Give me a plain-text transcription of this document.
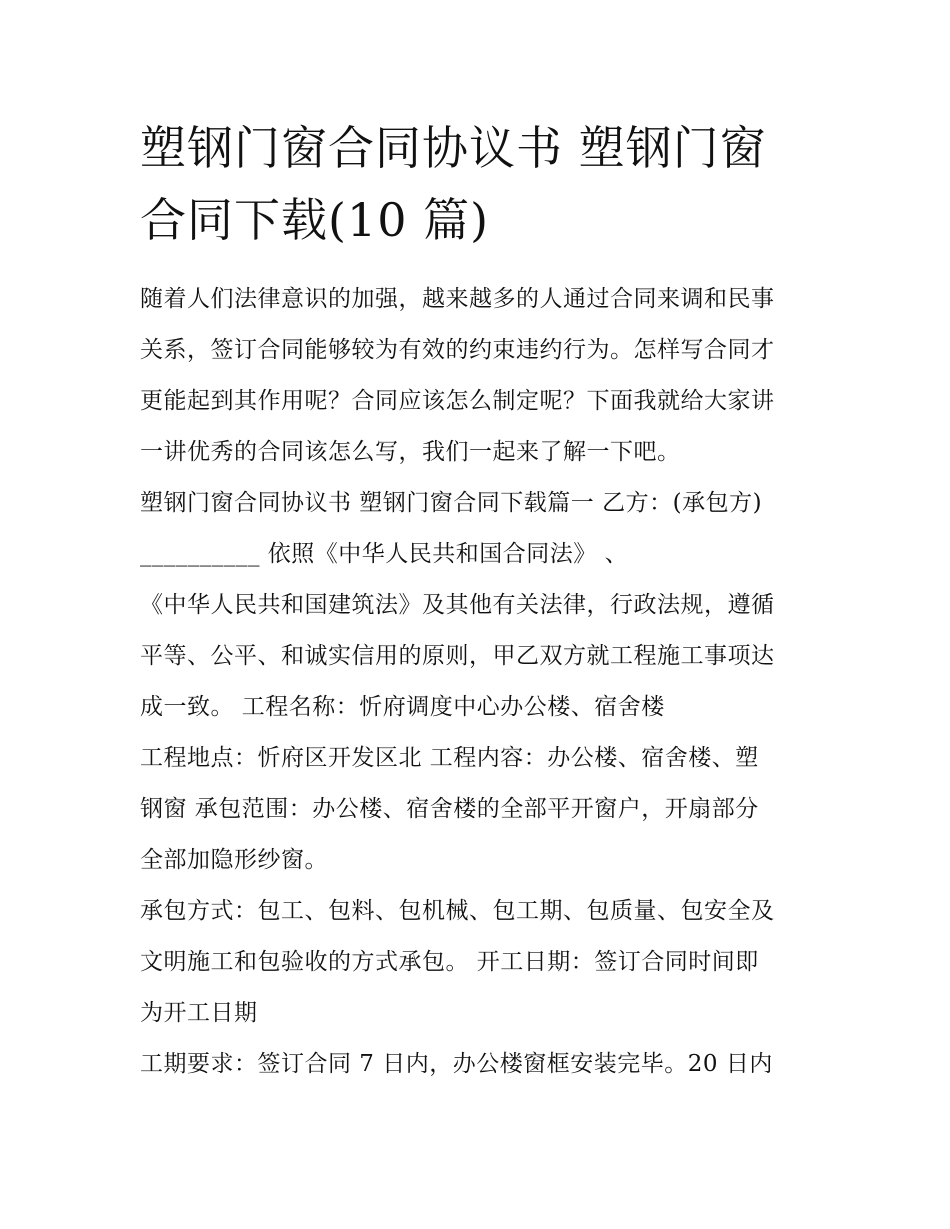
塑钢门窗合同协议书 塑钢门窗
合同下载(10 篇)

随着人们法律意识的加强，越来越多的人通过合同来调和民事
关系，签订合同能够较为有效的约束违约行为。怎样写合同才
更能起到其作用呢？合同应该怎么制定呢？下面我就给大家讲
一讲优秀的合同该怎么写，我们一起来了解一下吧。

塑钢门窗合同协议书 塑钢门窗合同下载篇一 乙方：(承包方)
__________ 依照《中华人民共和国合同法》 、

《中华人民共和国建筑法》及其他有关法律，行政法规，遵循
平等、公平、和诚实信用的原则，甲乙双方就工程施工事项达
成一致。 工程名称：忻府调度中心办公楼、宿舍楼

工程地点：忻府区开发区北 工程内容：办公楼、宿舍楼、塑
钢窗 承包范围：办公楼、宿舍楼的全部平开窗户，开扇部分
全部加隐形纱窗。

承包方式：包工、包料、包机械、包工期、包质量、包安全及
文明施工和包验收的方式承包。 开工日期：签订合同时间即
为开工日期

工期要求：签订合同 7 日内，办公楼窗框安装完毕。20 日内
